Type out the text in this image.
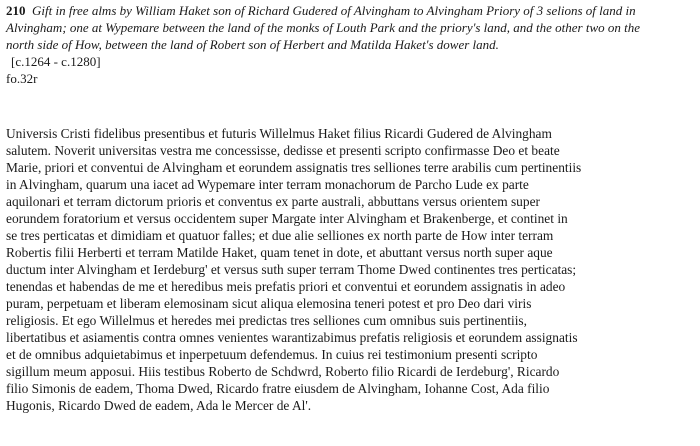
210 Gift in free alms by William Haket son of Richard Gudered of Alvingham to Alvingham Priory of 3 selions of land in

Alvingham; one at Wypemare between the land of the monks of Louth Park and the priory's land, and the other two on the

north side of How, between the land of Robert son of Herbert and Matilda Haket's dower land.

[c.1264 - c.1280]

fo.32r

Universis Cristi fidelibus presentibus et futuris Willelmus Haket filius Ricardi Gudered de Alvingham
salutem. Noverit universitas vestra me concessisse, dedisse et presenti scripto confirmasse Deo et beate
Marie, priori et conventui de Alvingham et eorundem assignatis tres selliones terre arabilis cum pertinentiis
in Alvingham, quarum una iacet ad Wypemare inter terram monachorum de Parcho Lude ex parte
aquilonari et terram dictorum prioris et conventus ex parte australi, abbuttans versus orientem super
eorundem foratorium et versus occidentem super Margate inter Alvingham et Brakenberge, et continet in
se tres perticatas et dimidiam et quatuor falles; et due alie selliones ex north parte de How inter terram
Robertis filii Herberti et terram Matilde Haket, quam tenet in dote, et abuttant versus north super aque
ductum inter Alvingham et Ierdeburg' et versus suth super terram Thome Dwed continentes tres perticatas;
tenendas et habendas de me et heredibus meis prefatis priori et conventui et eorundem assignatis in adeo
puram, perpetuam et liberam elemosinam sicut aliqua elemosina teneri potest et pro Deo dari viris
religiosis. Et ego Willelmus et heredes mei predictas tres selliones cum omnibus suis pertinentiis,
libertatibus et asiamentis contra omnes venientes warantizabimus prefatis religiosis et eorundem assignatis
et de omnibus adquietabimus et inperpetuum defendemus. In cuius rei testimonium presenti scripto
sigillum meum apposui. Hiis testibus Roberto de Schdwrd, Roberto filio Ricardi de Ierdeburg', Ricardo
filio Simonis de eadem, Thoma Dwed, Ricardo fratre eiusdem de Alvingham, Iohanne Cost, Ada filio
Hugonis, Ricardo Dwed de eadem, Ada le Mercer de Al'.
